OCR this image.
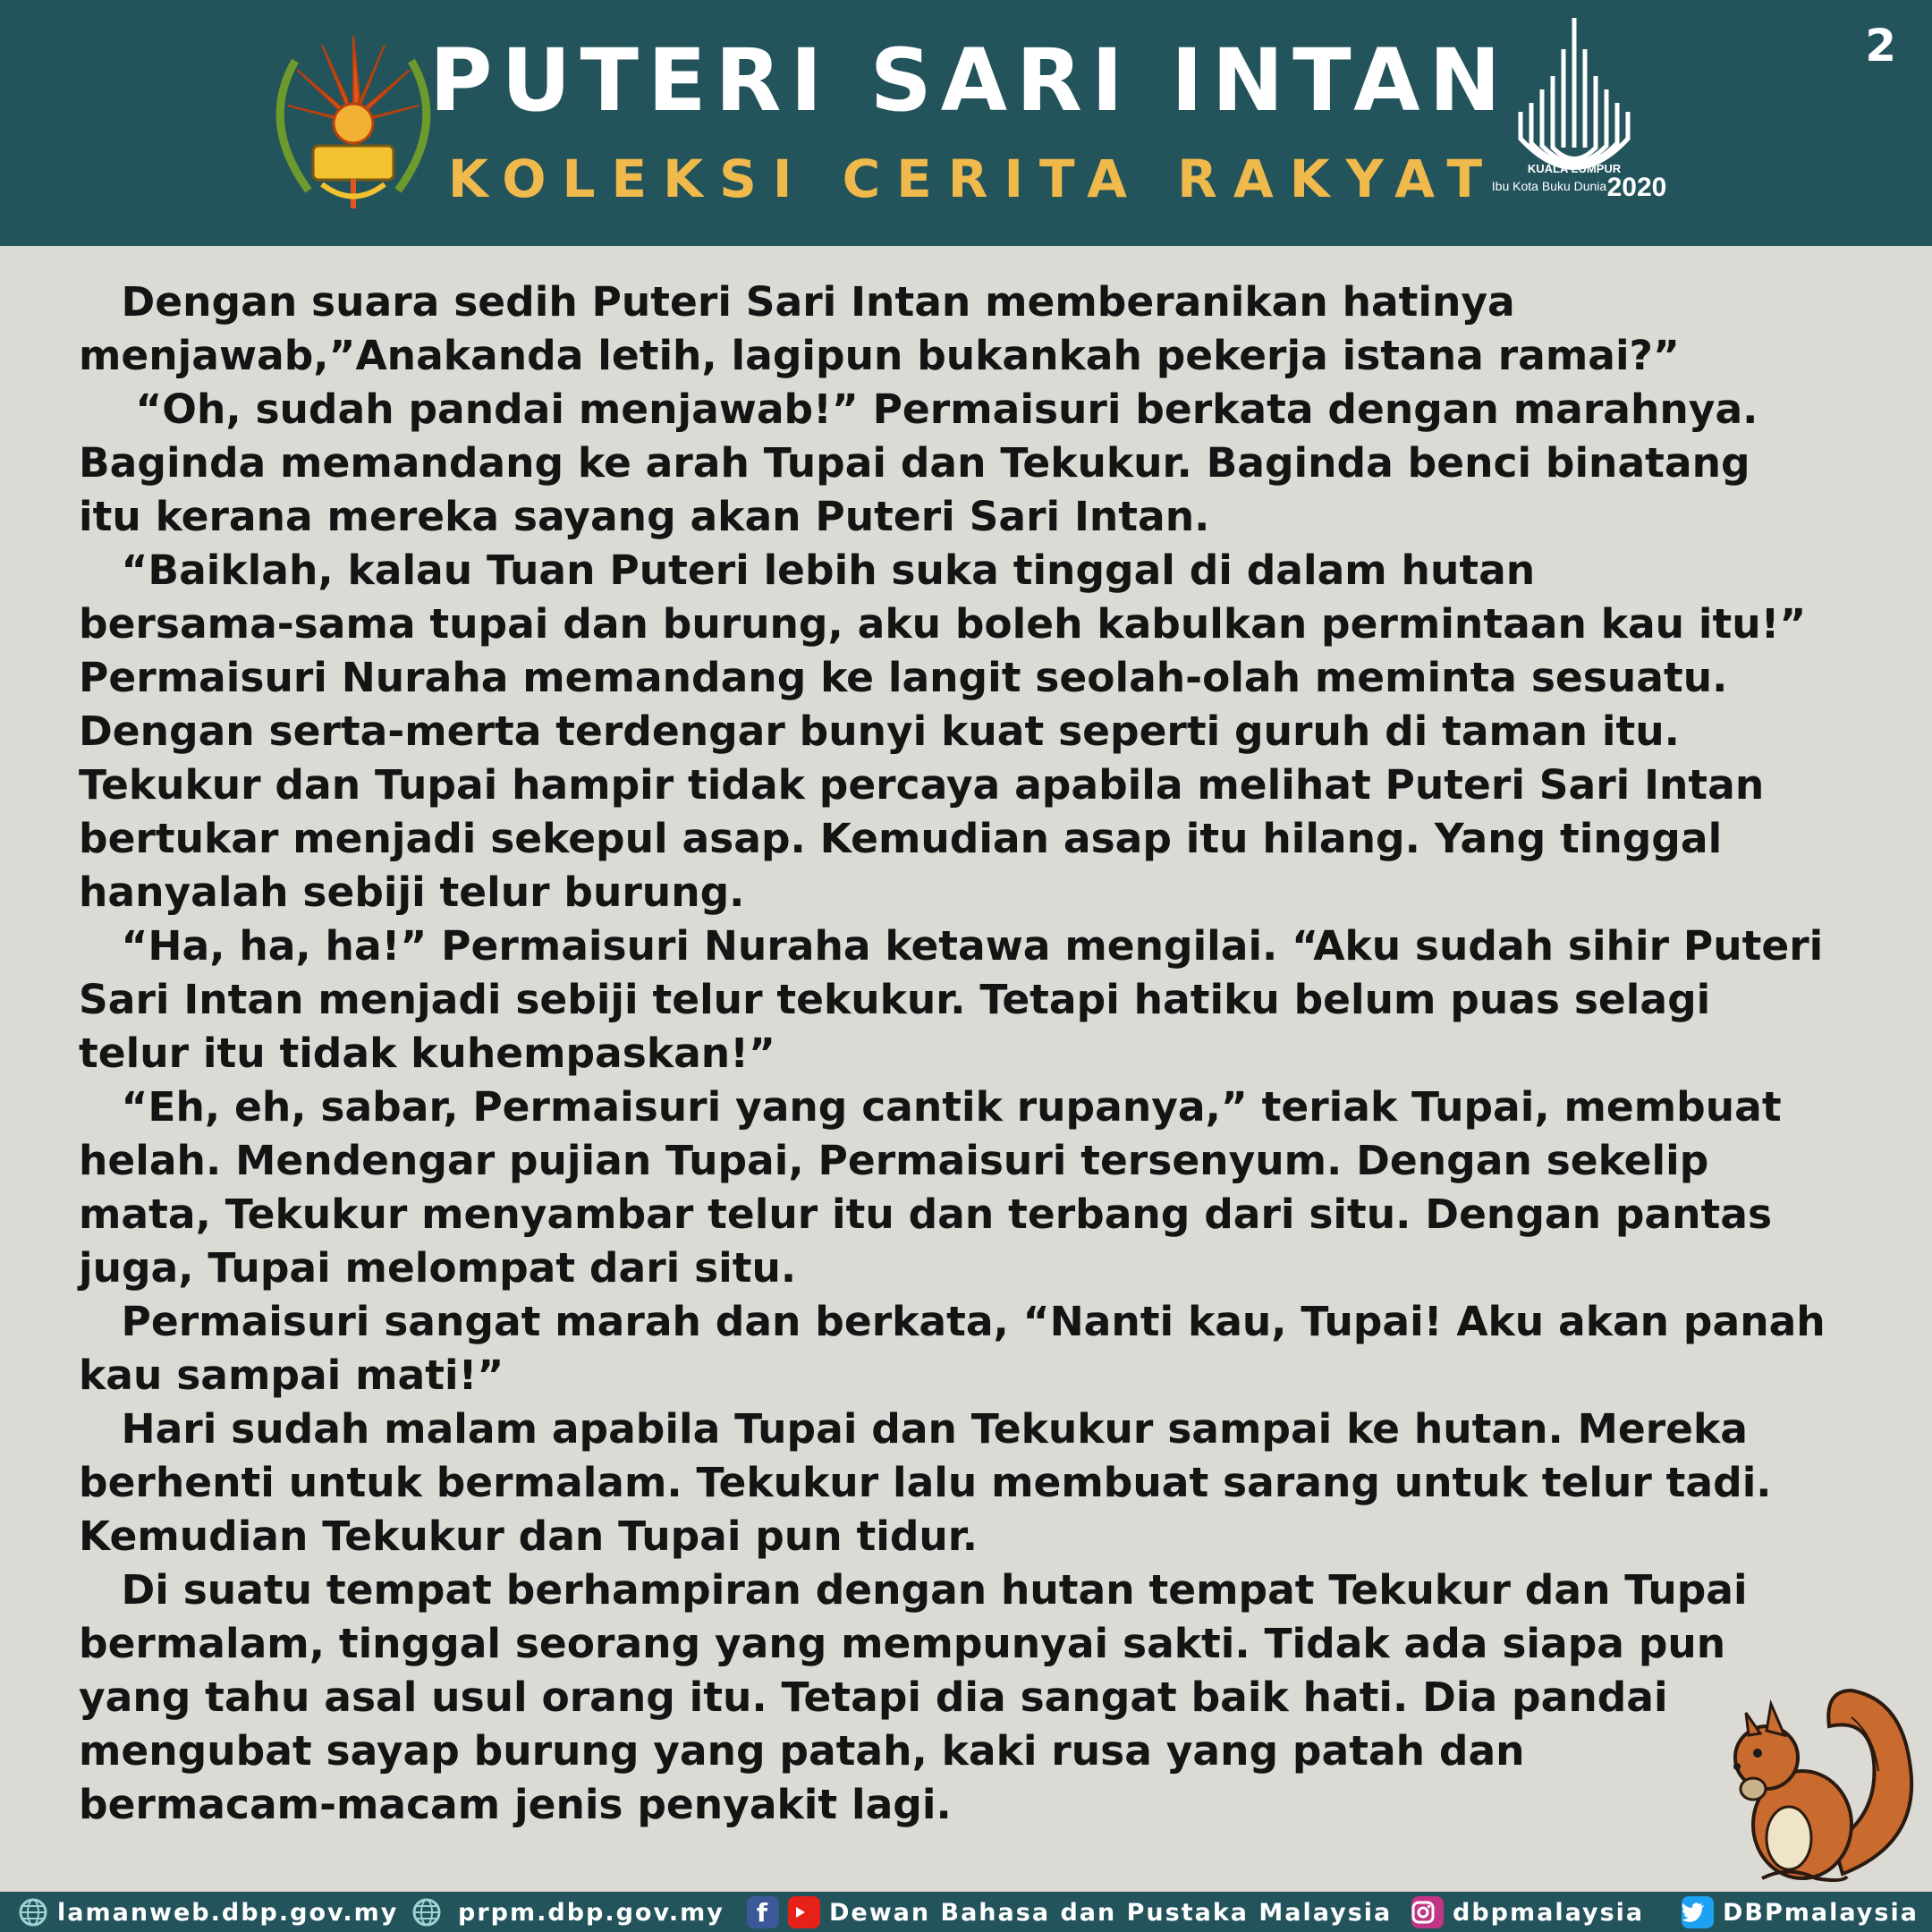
PUTERI SARI INTAN
KOLEKSI CERITA RAKYAT	KUALA LUMPUR
Ibu Kota Buku Dunia 2020
2
Dengan suara sedih Puteri Sari Intan memberanikan hatinya
menjawab,”Anakanda letih, lagipun bukankah pekerja istana ramai?”
“Oh, sudah pandai menjawab!” Permaisuri berkata dengan marahnya.
Baginda memandang ke arah Tupai dan Tekukur. Baginda benci binatang
itu kerana mereka sayang akan Puteri Sari Intan.
“Baiklah, kalau Tuan Puteri lebih suka tinggal di dalam hutan
bersama-sama tupai dan burung, aku boleh kabulkan permintaan kau itu!”
Permaisuri Nuraha memandang ke langit seolah-olah meminta sesuatu.
Dengan serta-merta terdengar bunyi kuat seperti guruh di taman itu.
Tekukur dan Tupai hampir tidak percaya apabila melihat Puteri Sari Intan
bertukar menjadi sekepul asap. Kemudian asap itu hilang. Yang tinggal
hanyalah sebiji telur burung.
“Ha, ha, ha!” Permaisuri Nuraha ketawa mengilai. “Aku sudah sihir Puteri
Sari Intan menjadi sebiji telur tekukur. Tetapi hatiku belum puas selagi
telur itu tidak kuhempaskan!”
“Eh, eh, sabar, Permaisuri yang cantik rupanya,” teriak Tupai, membuat
helah. Mendengar pujian Tupai, Permaisuri tersenyum. Dengan sekelip
mata, Tekukur menyambar telur itu dan terbang dari situ. Dengan pantas
juga, Tupai melompat dari situ.
Permaisuri sangat marah dan berkata, “Nanti kau, Tupai! Aku akan panah
kau sampai mati!”
Hari sudah malam apabila Tupai dan Tekukur sampai ke hutan. Mereka
berhenti untuk bermalam. Tekukur lalu membuat sarang untuk telur tadi.
Kemudian Tekukur dan Tupai pun tidur.
Di suatu tempat berhampiran dengan hutan tempat Tekukur dan Tupai
bermalam, tinggal seorang yang mempunyai sakti. Tidak ada siapa pun
yang tahu asal usul orang itu. Tetapi dia sangat baik hati. Dia pandai
mengubat sayap burung yang patah, kaki rusa yang patah dan
bermacam-macam jenis penyakit lagi.
lamanweb.dbp.gov.my prpm.dbp.gov.my	f	Dewan Bahasa dan Pustaka Malaysia	dbpmalaysia	DBPmalaysia
